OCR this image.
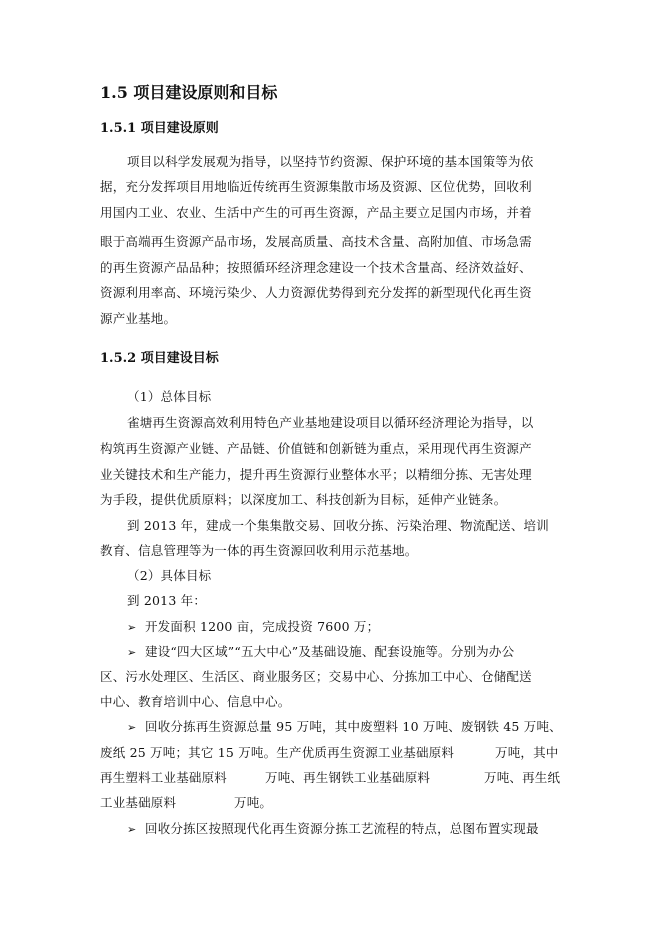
1.5 项目建设原则和目标
1.5.1 项目建设原则
项目以科学发展观为指导，以坚持节约资源、保护环境的基本国策等为依
据，充分发挥项目用地临近传统再生资源集散市场及资源、区位优势，回收利
用国内工业、农业、生活中产生的可再生资源，产品主要立足国内市场，并着
眼于高端再生资源产品市场，发展高质量、高技术含量、高附加值、市场急需
的再生资源产品品种；按照循环经济理念建设一个技术含量高、经济效益好、
资源利用率高、环境污染少、人力资源优势得到充分发挥的新型现代化再生资
源产业基地。
1.5.2 项目建设目标
（1）总体目标
雀塘再生资源高效利用特色产业基地建设项目以循环经济理论为指导，以
构筑再生资源产业链、产品链、价值链和创新链为重点，采用现代再生资源产
业关键技术和生产能力，提升再生资源行业整体水平；以精细分拣、无害处理
为手段，提供优质原料；以深度加工、科技创新为目标，延伸产业链条。
到 2013 年，建成一个集集散交易、回收分拣、污染治理、物流配送、培训
教育、信息管理等为一体的再生资源回收利用示范基地。
（2）具体目标
到 2013 年：
➢ 开发面积 1200 亩，完成投资 7600 万；
➢ 建设“四大区域”“五大中心”及基础设施、配套设施等。分别为办公
区、污水处理区、生活区、商业服务区；交易中心、分拣加工中心、仓储配送
中心、教育培训中心、信息中心。
➢ 回收分拣再生资源总量 95 万吨，其中废塑料 10 万吨、废钢铁 45 万吨、
废纸 25 万吨；其它 15 万吨。生产优质再生资源工业基础原料	万吨，其中
再生塑料工业基础原料	万吨、再生钢铁工业基础原料	万吨、再生纸
工业基础原料	万吨。
➢ 回收分拣区按照现代化再生资源分拣工艺流程的特点，总图布置实现最
